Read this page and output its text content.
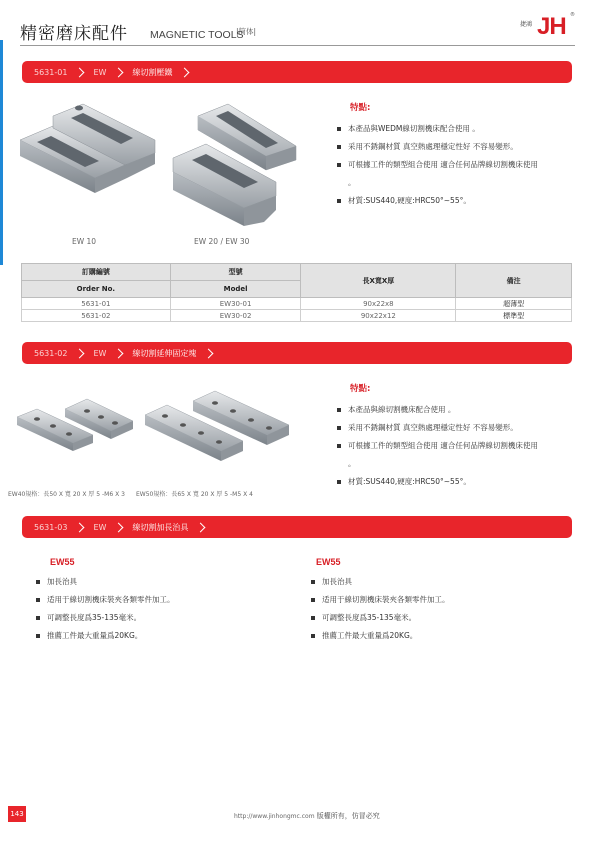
精密磨床配件 MAGNETIC TOOLS
|简体|
捷鴻 JH ®
5631-01	EW	線切割壓鐵
EW 10	EW 20 / EW 30
特點:
本產品與WEDM線切割機床配合使用 。
采用不銹鋼材質 真空熱處理穩定性好 不容易變形。
可根據工件的類型組合使用 適合任何品牌線切割機床使用
。
材質:SUS440,硬度:HRC50°~55°。
訂購編號	型號	長X寬X厚	備注
Order No.	Model		
5631-01	EW30-01	90x22x8	超薄型
5631-02	EW30-02	90x22x12	標準型
5631-02	EW	線切割延伸固定塊
EW40規格：長50 X 寬 20 X 厚 5 -M6 X 3 EW50規格：長65 X 寬 20 X 厚 5 -M5 X 4
特點:
本產品與線切割機床配合使用 。
采用不銹鋼材質 真空熱處理穩定性好 不容易變形。
可根據工件的類型組合使用 適合任何品牌線切割機床使用
。
材質:SUS440,硬度:HRC50°~55°。
5631-03	EW	線切割加長治具
EW55
加長治具
适用于線切割機床裝夾各類零件加工。
可調整長度爲35-135毫米。
推薦工件最大重量爲20KG。
EW55
加長治具
适用于線切割機床裝夾各類零件加工。
可調整長度爲35-135毫米。
推薦工件最大重量爲20KG。
143	http://www.jinhongmc.com 版權所有，仿冒必究
